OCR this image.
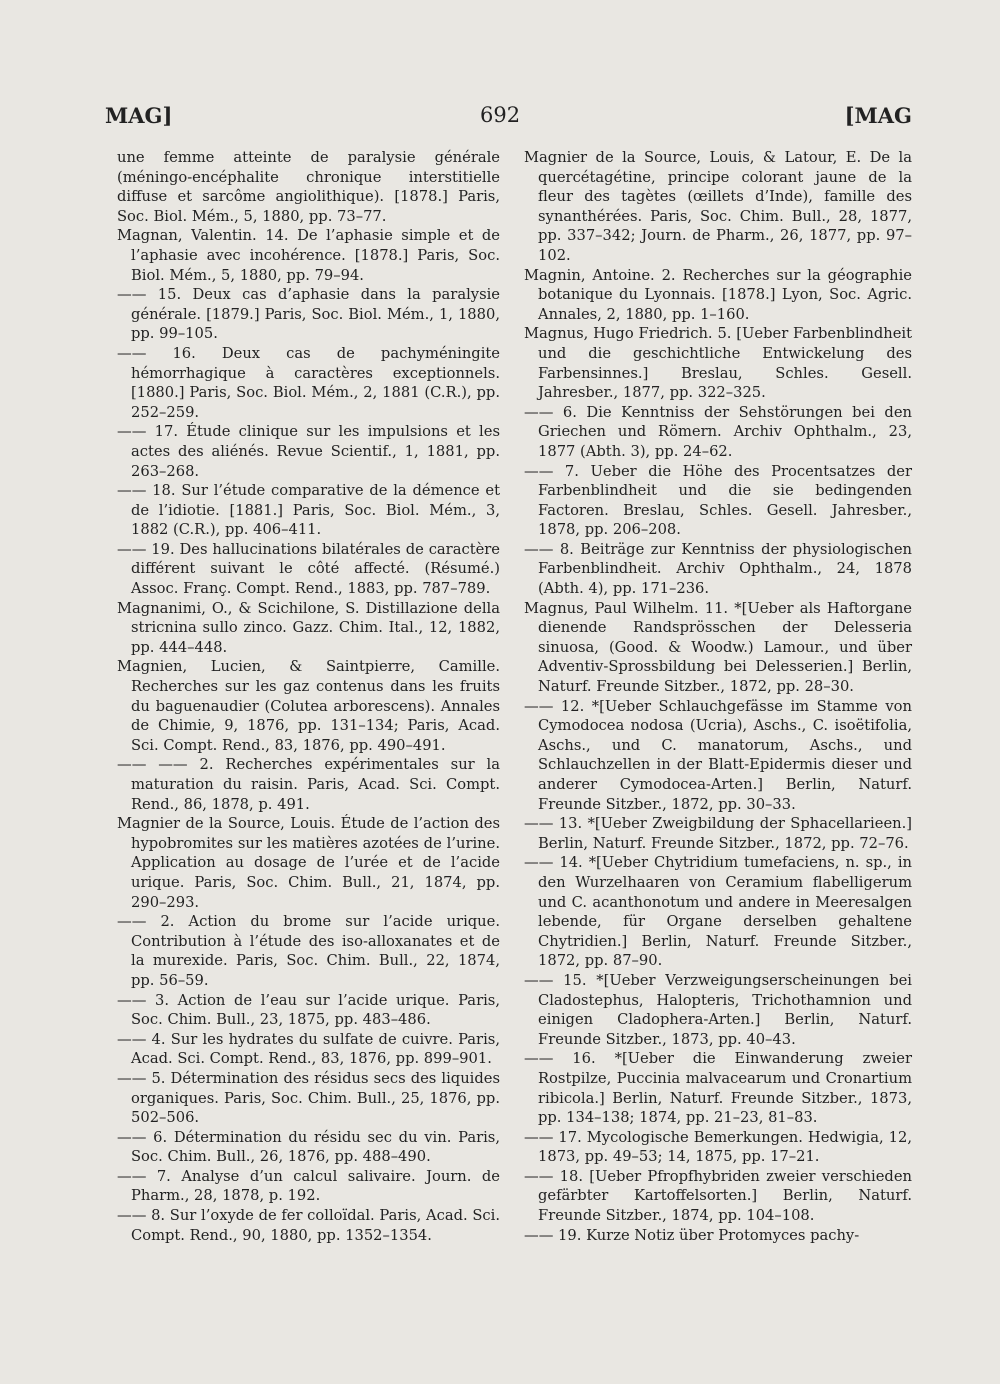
MAG]	692	[MAG

une femme atteinte de paralysie générale (méningo-encéphalite chronique interstitielle diffuse et sarcôme angiolithique). [1878.] Paris, Soc. Biol. Mém., 5, 1880, pp. 73–77.

Magnan, Valentin. 14. De l’aphasie simple et de l’aphasie avec incohérence. [1878.] Paris, Soc. Biol. Mém., 5, 1880, pp. 79–94.

—— 15. Deux cas d’aphasie dans la paralysie générale. [1879.] Paris, Soc. Biol. Mém., 1, 1880, pp. 99–105.

—— 16. Deux cas de pachyméningite hémorrhagique à caractères exceptionnels. [1880.] Paris, Soc. Biol. Mém., 2, 1881 (C.R.), pp. 252–259.

—— 17. Étude clinique sur les impulsions et les actes des aliénés. Revue Scientif., 1, 1881, pp. 263–268.

—— 18. Sur l’étude comparative de la démence et de l’idiotie. [1881.] Paris, Soc. Biol. Mém., 3, 1882 (C.R.), pp. 406–411.

—— 19. Des hallucinations bilatérales de caractère différent suivant le côté affecté. (Résumé.) Assoc. Franç. Compt. Rend., 1883, pp. 787–789.

Magnanimi, O., & Scichilone, S. Distillazione della stricnina sullo zinco. Gazz. Chim. Ital., 12, 1882, pp. 444–448.

Magnien, Lucien, & Saintpierre, Camille. Recherches sur les gaz contenus dans les fruits du baguenaudier (Colutea arborescens). Annales de Chimie, 9, 1876, pp. 131–134; Paris, Acad. Sci. Compt. Rend., 83, 1876, pp. 490–491.

—— —— 2. Recherches expérimentales sur la maturation du raisin. Paris, Acad. Sci. Compt. Rend., 86, 1878, p. 491.

Magnier de la Source, Louis. Étude de l’action des hypobromites sur les matières azotées de l’urine. Application au dosage de l’urée et de l’acide urique. Paris, Soc. Chim. Bull., 21, 1874, pp. 290–293.

—— 2. Action du brome sur l’acide urique. Contribution à l’étude des iso-alloxanates et de la murexide. Paris, Soc. Chim. Bull., 22, 1874, pp. 56–59.

—— 3. Action de l’eau sur l’acide urique. Paris, Soc. Chim. Bull., 23, 1875, pp. 483–486.

—— 4. Sur les hydrates du sulfate de cuivre. Paris, Acad. Sci. Compt. Rend., 83, 1876, pp. 899–901.

—— 5. Détermination des résidus secs des liquides organiques. Paris, Soc. Chim. Bull., 25, 1876, pp. 502–506.

—— 6. Détermination du résidu sec du vin. Paris, Soc. Chim. Bull., 26, 1876, pp. 488–490.

—— 7. Analyse d’un calcul salivaire. Journ. de Pharm., 28, 1878, p. 192.

—— 8. Sur l’oxyde de fer colloïdal. Paris, Acad. Sci. Compt. Rend., 90, 1880, pp. 1352–1354.

Magnier de la Source, Louis, & Latour, E. De la quercétagétine, principe colorant jaune de la fleur des tagètes (œillets d’Inde), famille des synanthérées. Paris, Soc. Chim. Bull., 28, 1877, pp. 337–342; Journ. de Pharm., 26, 1877, pp. 97–102.

Magnin, Antoine. 2. Recherches sur la géographie botanique du Lyonnais. [1878.] Lyon, Soc. Agric. Annales, 2, 1880, pp. 1–160.

Magnus, Hugo Friedrich. 5. [Ueber Farbenblindheit und die geschichtliche Entwickelung des Farbensinnes.] Breslau, Schles. Gesell. Jahresber., 1877, pp. 322–325.

—— 6. Die Kenntniss der Sehstörungen bei den Griechen und Römern. Archiv Ophthalm., 23, 1877 (Abth. 3), pp. 24–62.

—— 7. Ueber die Höhe des Procentsatzes der Farbenblindheit und die sie bedingenden Factoren. Breslau, Schles. Gesell. Jahresber., 1878, pp. 206–208.

—— 8. Beiträge zur Kenntniss der physiologischen Farbenblindheit. Archiv Ophthalm., 24, 1878 (Abth. 4), pp. 171–236.

Magnus, Paul Wilhelm. 11. *[Ueber als Haftorgane dienende Randsprösschen der Delesseria sinuosa, (Good. & Woodw.) Lamour., und über Adventiv-Sprossbildung bei Delesserien.] Berlin, Naturf. Freunde Sitzber., 1872, pp. 28–30.

—— 12. *[Ueber Schlauchgefässe im Stamme von Cymodocea nodosa (Ucria), Aschs., C. isoëtifolia, Aschs., und C. manatorum, Aschs., und Schlauchzellen in der Blatt-Epidermis dieser und anderer Cymodocea-Arten.] Berlin, Naturf. Freunde Sitzber., 1872, pp. 30–33.

—— 13. *[Ueber Zweigbildung der Sphacellarieen.] Berlin, Naturf. Freunde Sitzber., 1872, pp. 72–76.

—— 14. *[Ueber Chytridium tumefaciens, n. sp., in den Wurzelhaaren von Ceramium flabelligerum und C. acanthonotum und andere in Meeresalgen lebende, für Organe derselben gehaltene Chytridien.] Berlin, Naturf. Freunde Sitzber., 1872, pp. 87–90.

—— 15. *[Ueber Verzweigungserscheinungen bei Cladostephus, Halopteris, Trichothamnion und einigen Cladophera-Arten.] Berlin, Naturf. Freunde Sitzber., 1873, pp. 40–43.

—— 16. *[Ueber die Einwanderung zweier Rostpilze, Puccinia malvacearum und Cronartium ribicola.] Berlin, Naturf. Freunde Sitzber., 1873, pp. 134–138; 1874, pp. 21–23, 81–83.

—— 17. Mycologische Bemerkungen. Hedwigia, 12, 1873, pp. 49–53; 14, 1875, pp. 17–21.

—— 18. [Ueber Pfropfhybriden zweier verschieden gefärbter Kartoffelsorten.] Berlin, Naturf. Freunde Sitzber., 1874, pp. 104–108.

—— 19. Kurze Notiz über Protomyces pachy-
